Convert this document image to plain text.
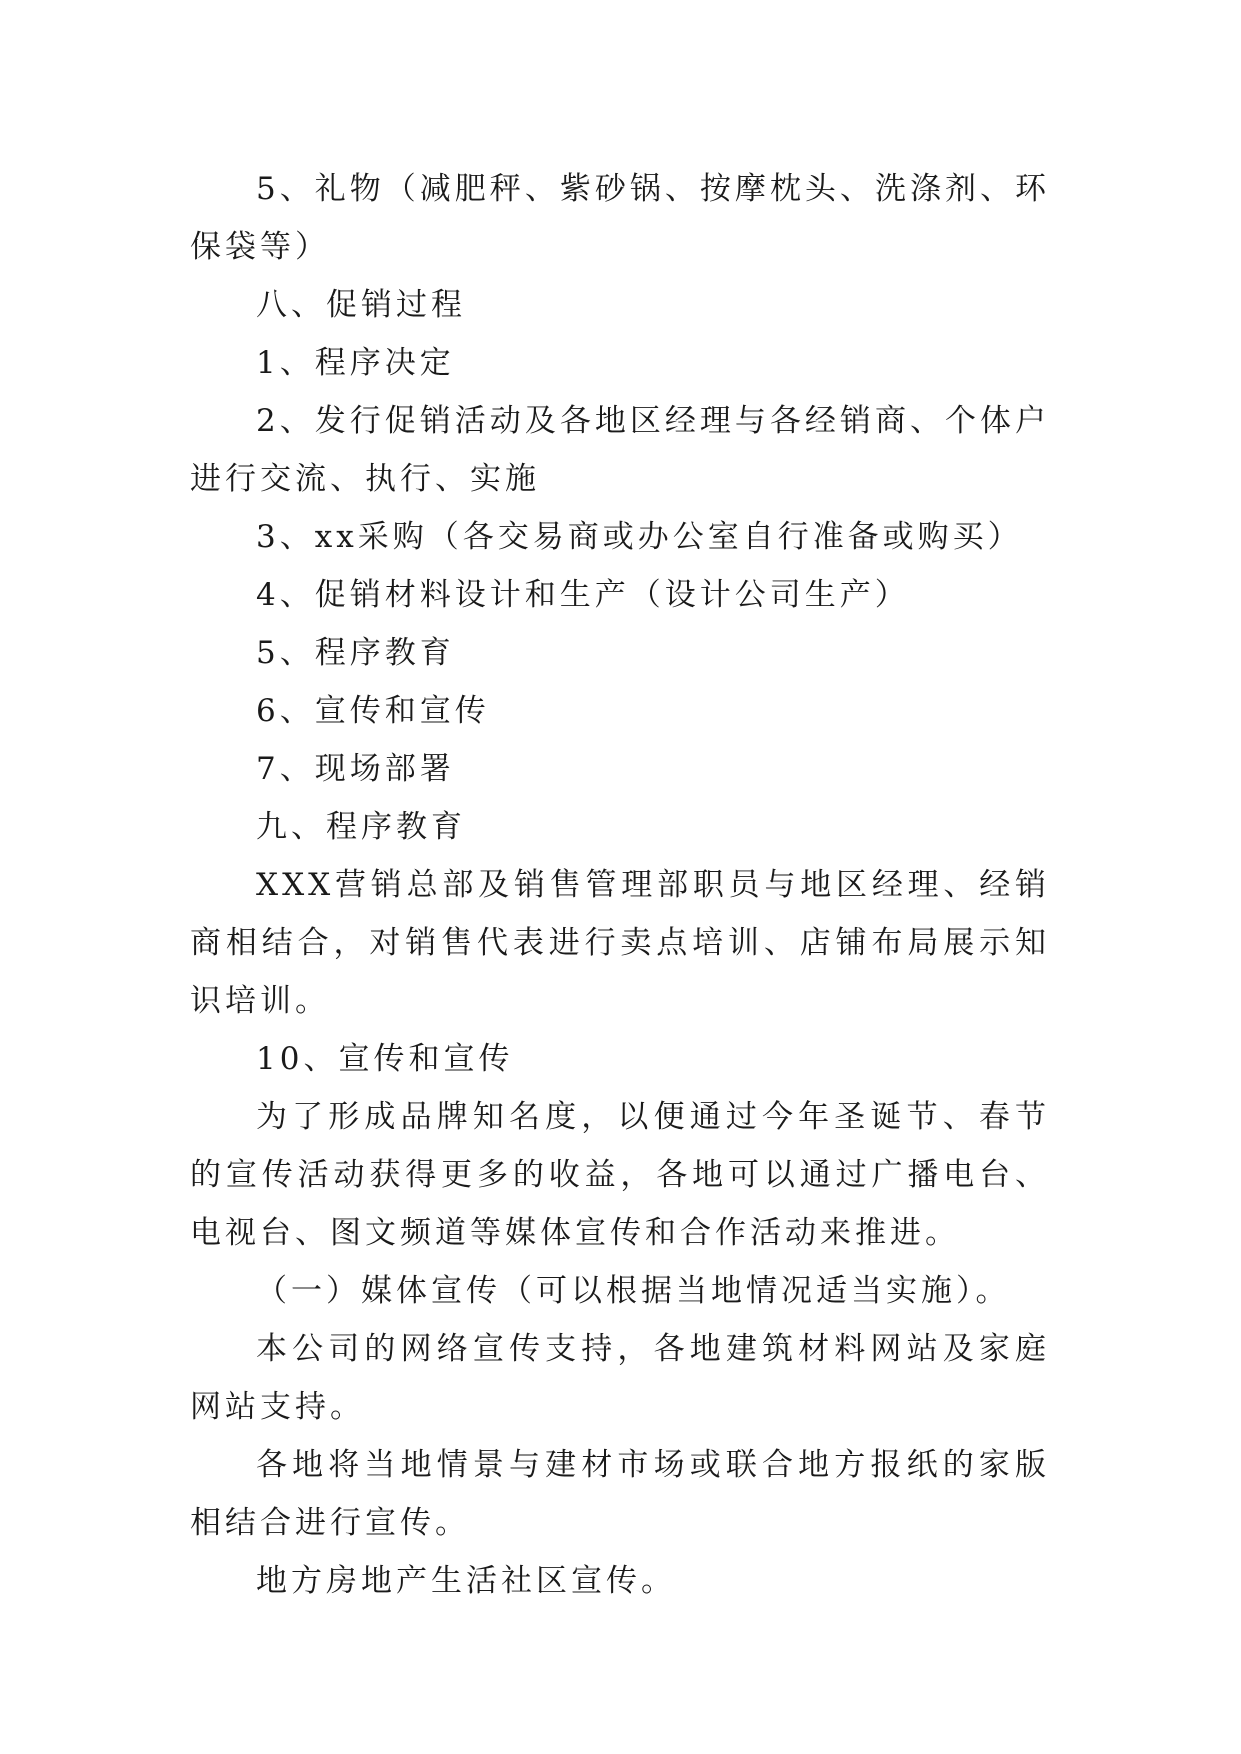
5、礼物（减肥秤、紫砂锅、按摩枕头、洗涤剂、环保袋等）

八、促销过程

1、程序决定

2、发行促销活动及各地区经理与各经销商、个体户进行交流、执行、实施

3、xx采购（各交易商或办公室自行准备或购买）

4、促销材料设计和生产（设计公司生产）

5、程序教育

6、宣传和宣传

7、现场部署

九、程序教育

XXX营销总部及销售管理部职员与地区经理、经销商相结合，对销售代表进行卖点培训、店铺布局展示知识培训。

10、宣传和宣传

为了形成品牌知名度，以便通过今年圣诞节、春节的宣传活动获得更多的收益，各地可以通过广播电台、电视台、图文频道等媒体宣传和合作活动来推进。

（一）媒体宣传（可以根据当地情况适当实施）。

本公司的网络宣传支持，各地建筑材料网站及家庭网站支持。

各地将当地情景与建材市场或联合地方报纸的家版相结合进行宣传。

地方房地产生活社区宣传。
